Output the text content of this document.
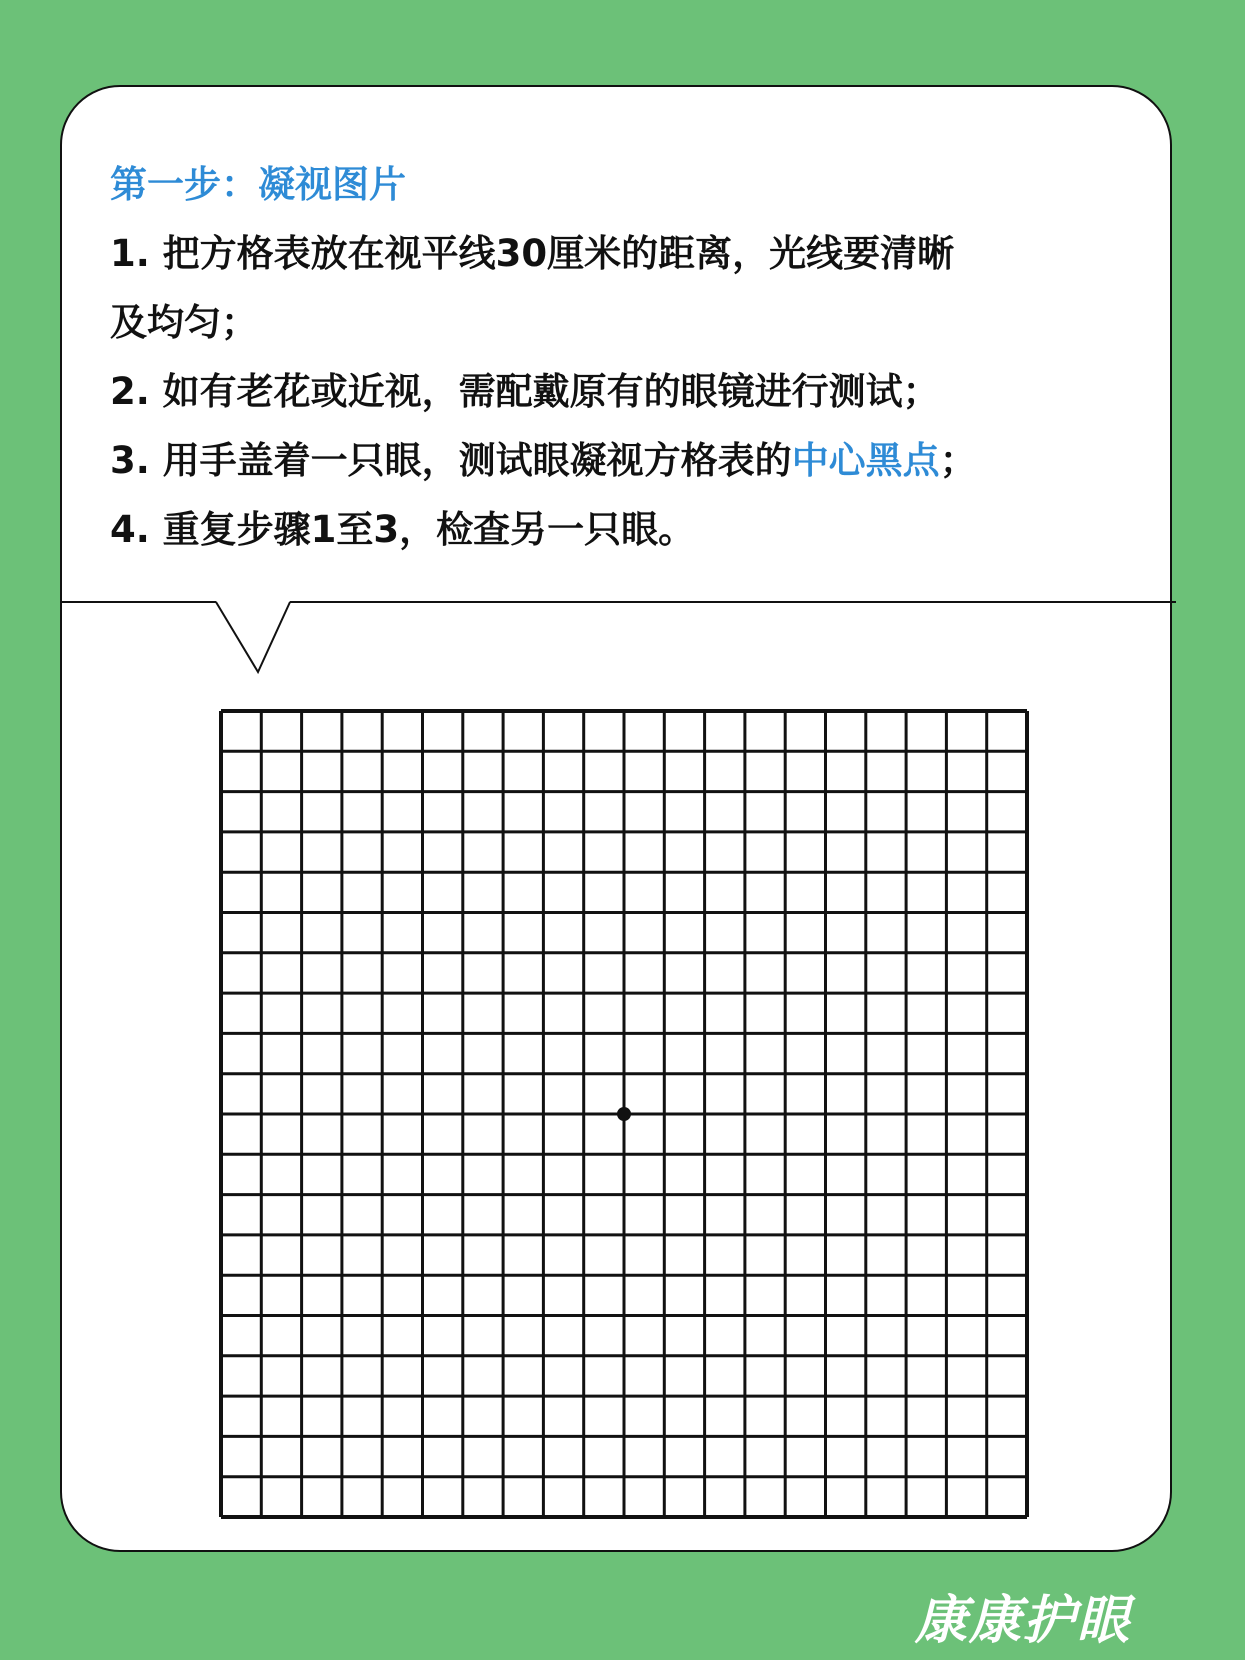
第一步：凝视图片
1. 把方格表放在视平线30厘米的距离，光线要清晰
及均匀；
2. 如有老花或近视，需配戴原有的眼镜进行测试；
3. 用手盖着一只眼，测试眼凝视方格表的中心黑点；
4. 重复步骤1至3，检查另一只眼。
康康护眼
